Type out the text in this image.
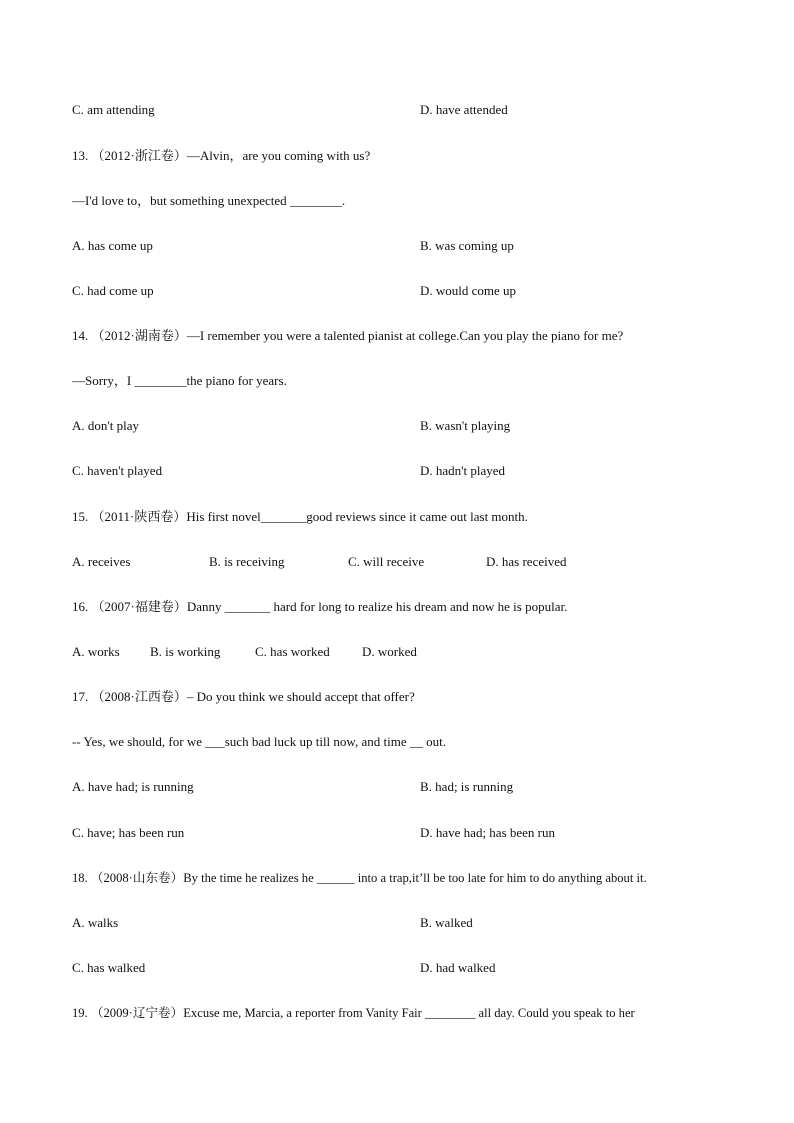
C. am attending	D. have attended
13. （2012·浙江卷）—Alvin，are you coming with us?
—I'd love to，but something unexpected ________.
A. has come up	B. was coming up
C. had come up	D. would come up
14. （2012·湖南卷）—I remember you were a talented pianist at college.Can you play the piano for me?
—Sorry，I ________the piano for years.
A. don't play	B. wasn't playing
C. haven't played	D. hadn't played
15. （2011·陕西卷）His first novel_______good reviews since it came out last month.
A. receives	B. is receiving	C. will receive	D. has received
16. （2007·福建卷）Danny _______ hard for long to realize his dream and now he is popular.
A. works B. is working	C. has worked D. worked
17. （2008·江西卷）– Do you think we should accept that offer?
-- Yes, we should, for we ___such bad luck up till now, and time __ out.
A. have had; is running	B. had; is running
C. have; has been run	D. have had; has been run
18. （2008·山东卷）By the time he realizes he ______ into a trap,it’ll be too late for him to do anything about it.
A. walks	B. walked
C. has walked	D. had walked
19. （2009·辽宁卷）Excuse me, Marcia, a reporter from Vanity Fair ________ all day. Could you speak to her
